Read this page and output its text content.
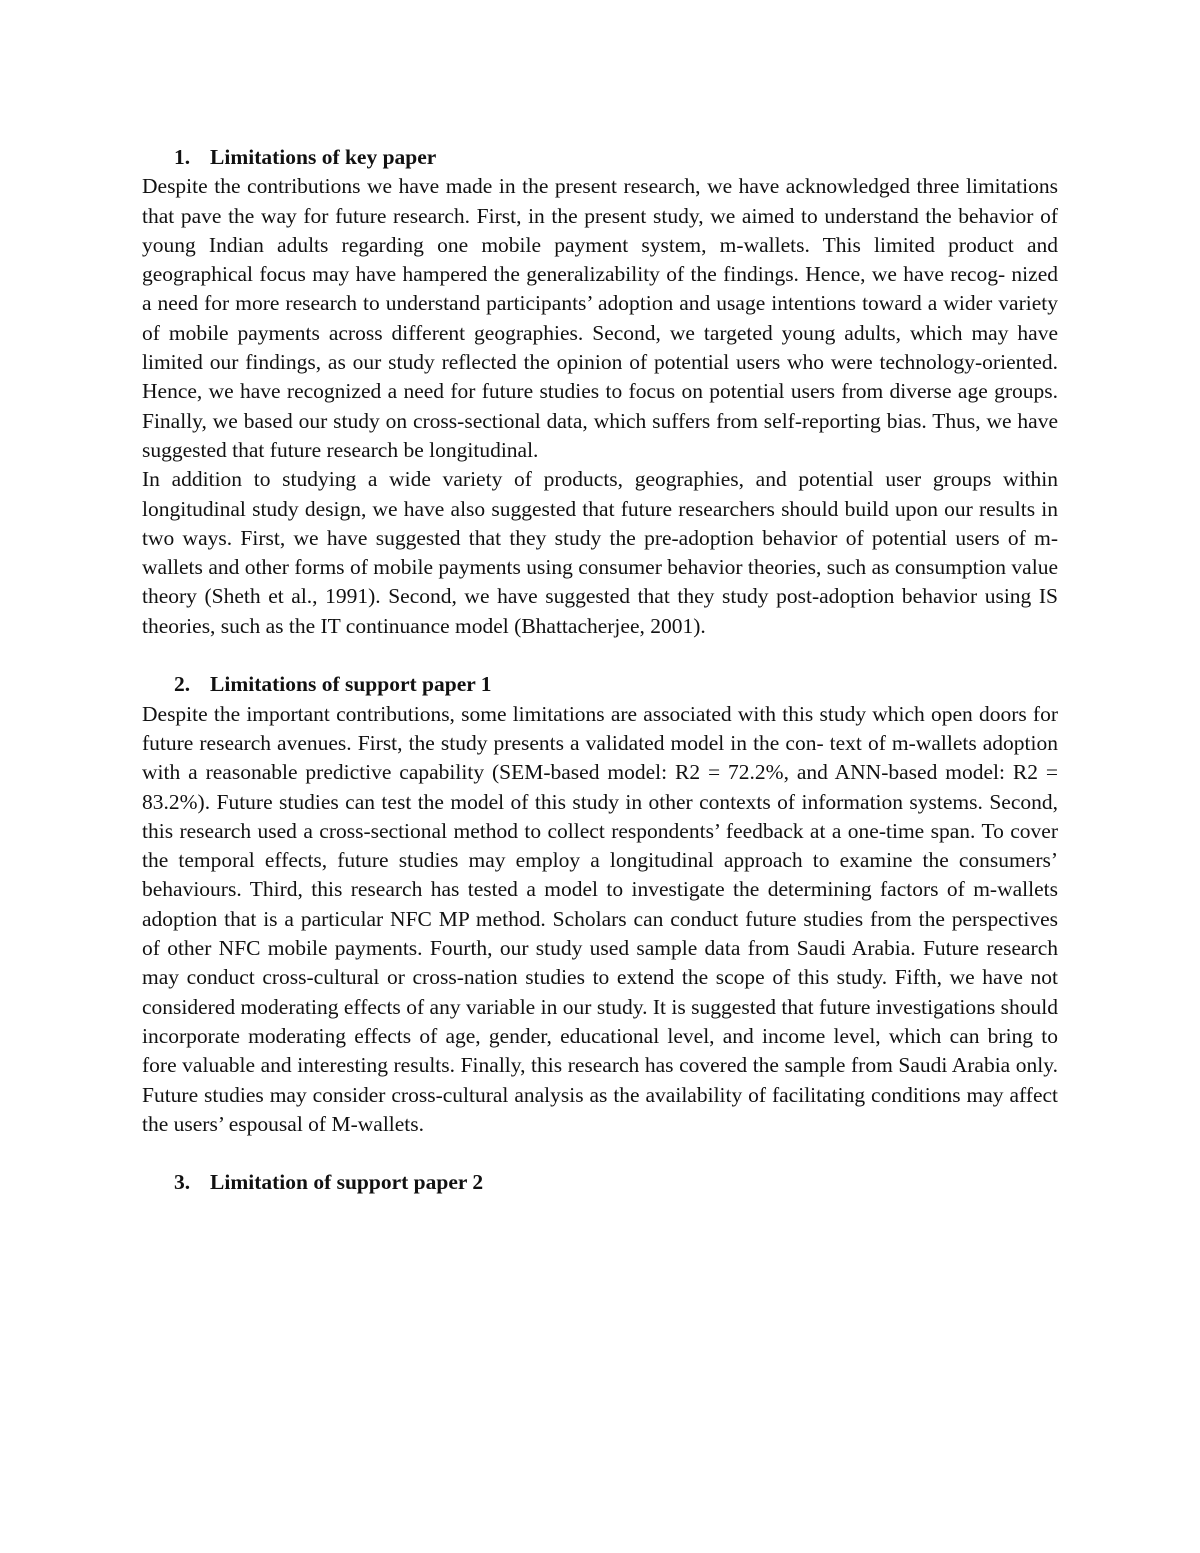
1. Limitations of key paper

Despite the contributions we have made in the present research, we have acknowledged three limitations that pave the way for future research. First, in the present study, we aimed to understand the behavior of young Indian adults regarding one mobile payment system, m-wallets. This limited product and geographical focus may have hampered the generalizability of the findings. Hence, we have recog- nized a need for more research to understand participants’ adoption and usage intentions toward a wider variety of mobile payments across different geographies. Second, we targeted young adults, which may have limited our findings, as our study reflected the opinion of potential users who were technology-oriented. Hence, we have recognized a need for future studies to focus on potential users from diverse age groups. Finally, we based our study on cross-sectional data, which suffers from self-reporting bias. Thus, we have suggested that future research be longitudinal.

In addition to studying a wide variety of products, geographies, and potential user groups within longitudinal study design, we have also suggested that future researchers should build upon our results in two ways. First, we have suggested that they study the pre-adoption behavior of potential users of m-wallets and other forms of mobile payments using consumer behavior theories, such as consumption value theory (Sheth et al., 1991). Second, we have suggested that they study post-adoption behavior using IS theories, such as the IT continuance model (Bhattacherjee, 2001).

2. Limitations of support paper 1

Despite the important contributions, some limitations are associated with this study which open doors for future research avenues. First, the study presents a validated model in the con- text of m-wallets adoption with a reasonable predictive capability (SEM-based model: R2 = 72.2%, and ANN-based model: R2 = 83.2%). Future studies can test the model of this study in other contexts of information systems. Second, this research used a cross-sectional method to collect respondents’ feedback at a one-time span. To cover the temporal effects, future studies may employ a longitudinal approach to examine the consumers’ behaviours. Third, this research has tested a model to investigate the determining factors of m-wallets adoption that is a particular NFC MP method. Scholars can conduct future studies from the perspectives of other NFC mobile payments. Fourth, our study used sample data from Saudi Arabia. Future research may conduct cross-cultural or cross-nation studies to extend the scope of this study. Fifth, we have not considered moderating effects of any variable in our study. It is suggested that future investigations should incorporate moderating effects of age, gender, educational level, and income level, which can bring to fore valuable and interesting results. Finally, this research has covered the sample from Saudi Arabia only. Future studies may consider cross-cultural analysis as the availability of facilitating conditions may affect the users’ espousal of M-wallets.

3. Limitation of support paper 2
